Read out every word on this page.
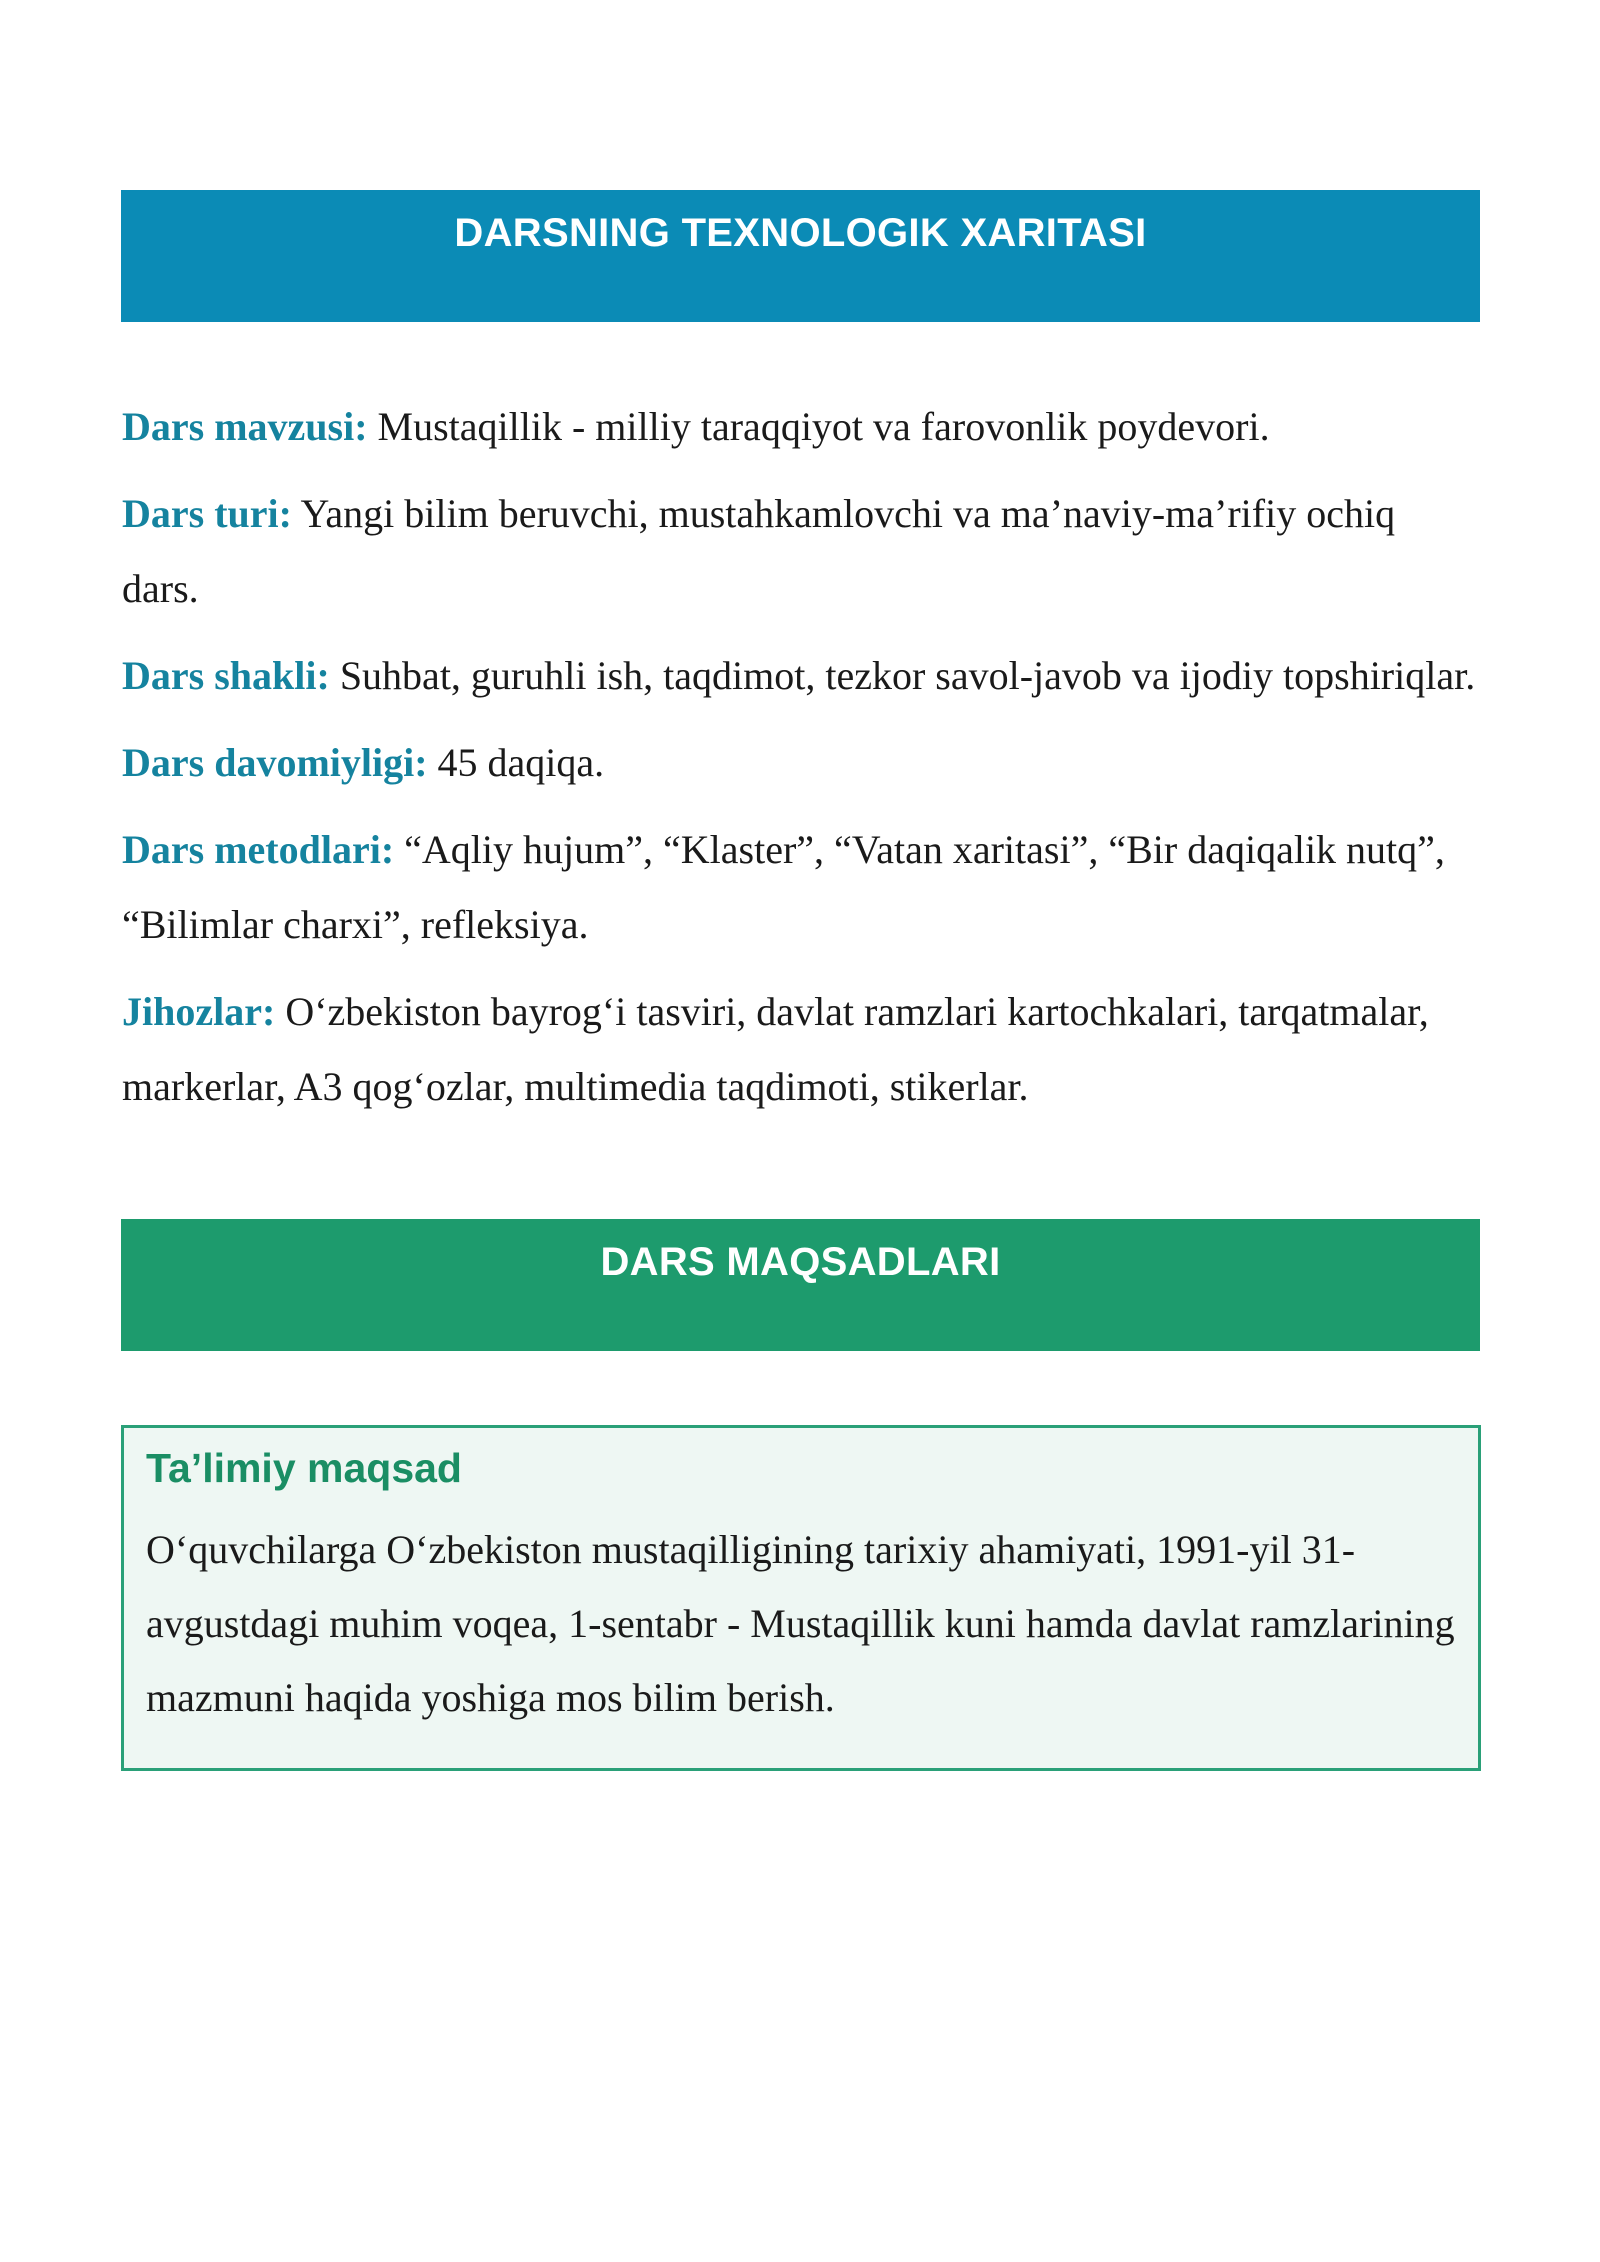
DARSNING TEXNOLOGIK XARITASI

Dars mavzusi: Mustaqillik - milliy taraqqiyot va farovonlik poydevori.

Dars turi: Yangi bilim beruvchi, mustahkamlovchi va ma’naviy-ma’rifiy ochiq dars.

Dars shakli: Suhbat, guruhli ish, taqdimot, tezkor savol-javob va ijodiy topshiriqlar.

Dars davomiyligi: 45 daqiqa.

Dars metodlari: “Aqliy hujum”, “Klaster”, “Vatan xaritasi”, “Bir daqiqalik nutq”, “Bilimlar charxi”, refleksiya.

Jihozlar: O‘zbekiston bayrog‘i tasviri, davlat ramzlari kartochkalari, tarqatmalar, markerlar, A3 qog‘ozlar, multimedia taqdimoti, stikerlar.

DARS MAQSADLARI
Ta’limiy maqsad

O‘quvchilarga O‘zbekiston mustaqilligining tarixiy ahamiyati, 1991-yil 31-avgustdagi muhim voqea, 1-sentabr - Mustaqillik kuni hamda davlat ramzlarining mazmuni haqida yoshiga mos bilim berish.
